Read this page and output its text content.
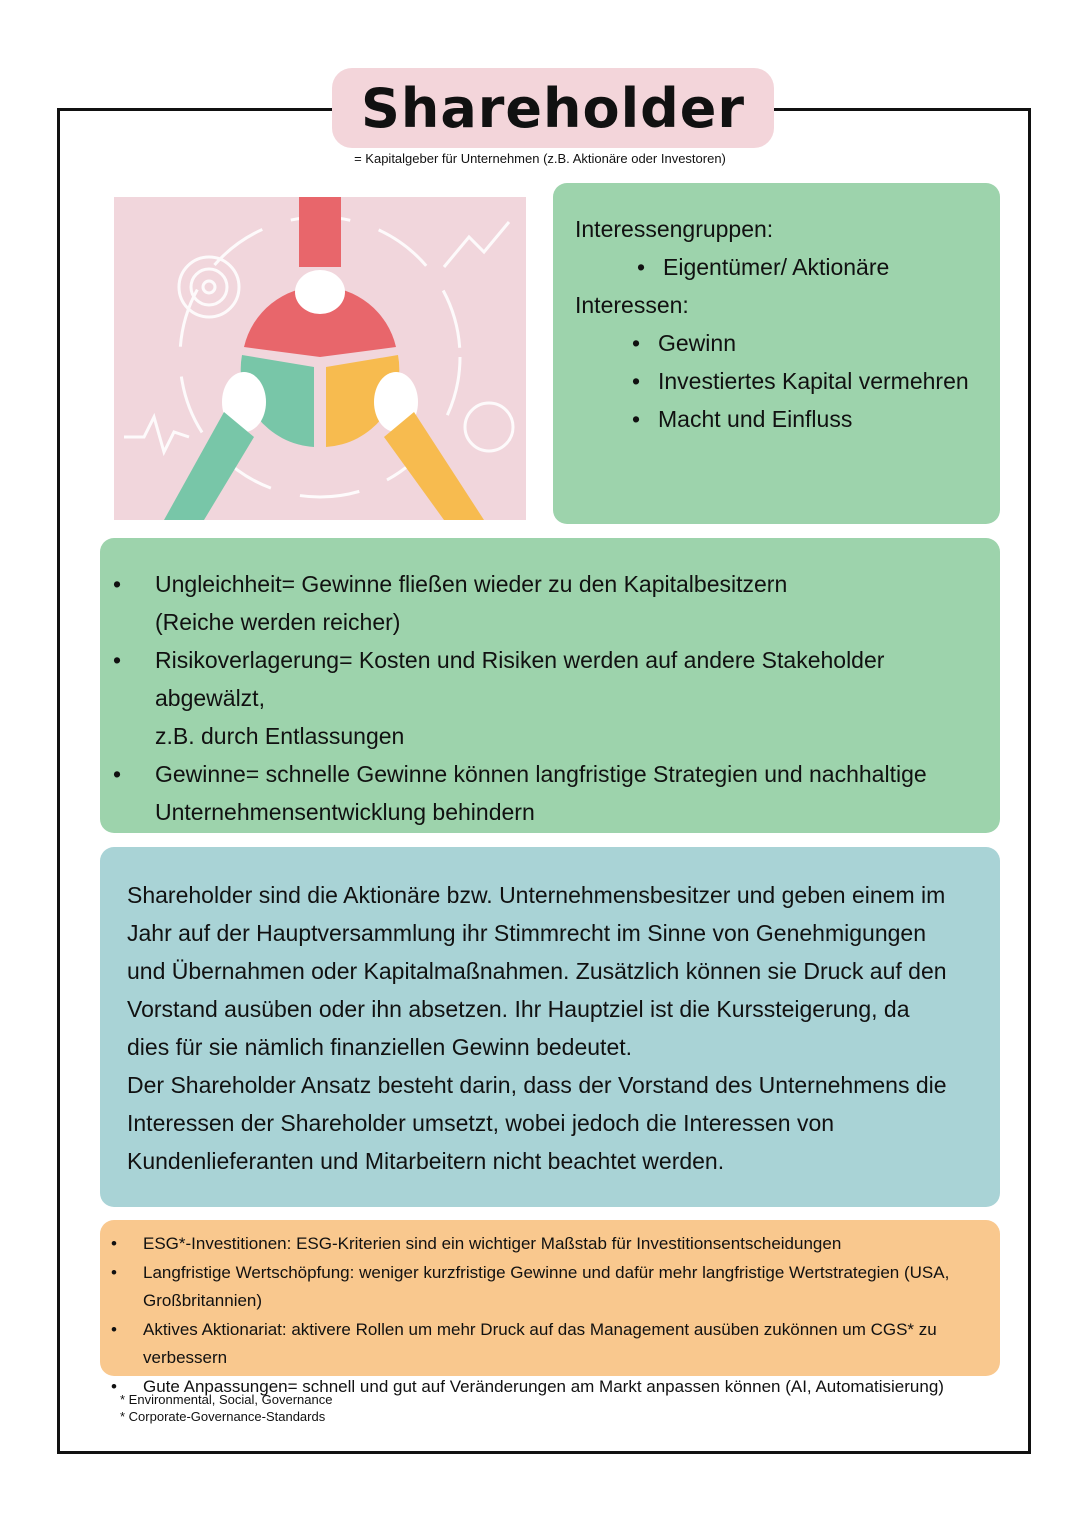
Shareholder
= Kapitalgeber für Unternehmen (z.B. Aktionäre oder Investoren)
Interessengruppen:
• Eigentümer/ Aktionäre
Interessen:
• Gewinn
• Investiertes Kapital vermehren
• Macht und Einfluss
• Ungleichheit= Gewinne fließen wieder zu den Kapitalbesitzern
(Reiche werden reicher)
• Risikoverlagerung= Kosten und Risiken werden auf andere Stakeholder abgewälzt,
z.B. durch Entlassungen
• Gewinne= schnelle Gewinne können langfristige Strategien und nachhaltige
Unternehmensentwicklung behindern

Shareholder sind die Aktionäre bzw. Unternehmensbesitzer und geben einem im Jahr auf der Hauptversammlung ihr Stimmrecht im Sinne von Genehmigungen und Übernahmen oder Kapitalmaßnahmen. Zusätzlich können sie Druck auf den Vorstand ausüben oder ihn absetzen. Ihr Hauptziel ist die Kurssteigerung, da dies für sie nämlich finanziellen Gewinn bedeutet.
Der Shareholder Ansatz besteht darin, dass der Vorstand des Unternehmens die Interessen der Shareholder umsetzt, wobei jedoch die Interessen von Kundenlieferanten und Mitarbeitern nicht beachtet werden.

• ESG*-Investitionen: ESG-Kriterien sind ein wichtiger Maßstab für Investitionsentscheidungen
• Langfristige Wertschöpfung: weniger kurzfristige Gewinne und dafür mehr langfristige Wertstrategien (USA, Großbritannien)
• Aktives Aktionariat: aktivere Rollen um mehr Druck auf das Management ausüben zukönnen um CGS* zu verbessern
• Gute Anpassungen= schnell und gut auf Veränderungen am Markt anpassen können (AI, Automatisierung)
* Environmental, Social, Governance
* Corporate-Governance-Standards
